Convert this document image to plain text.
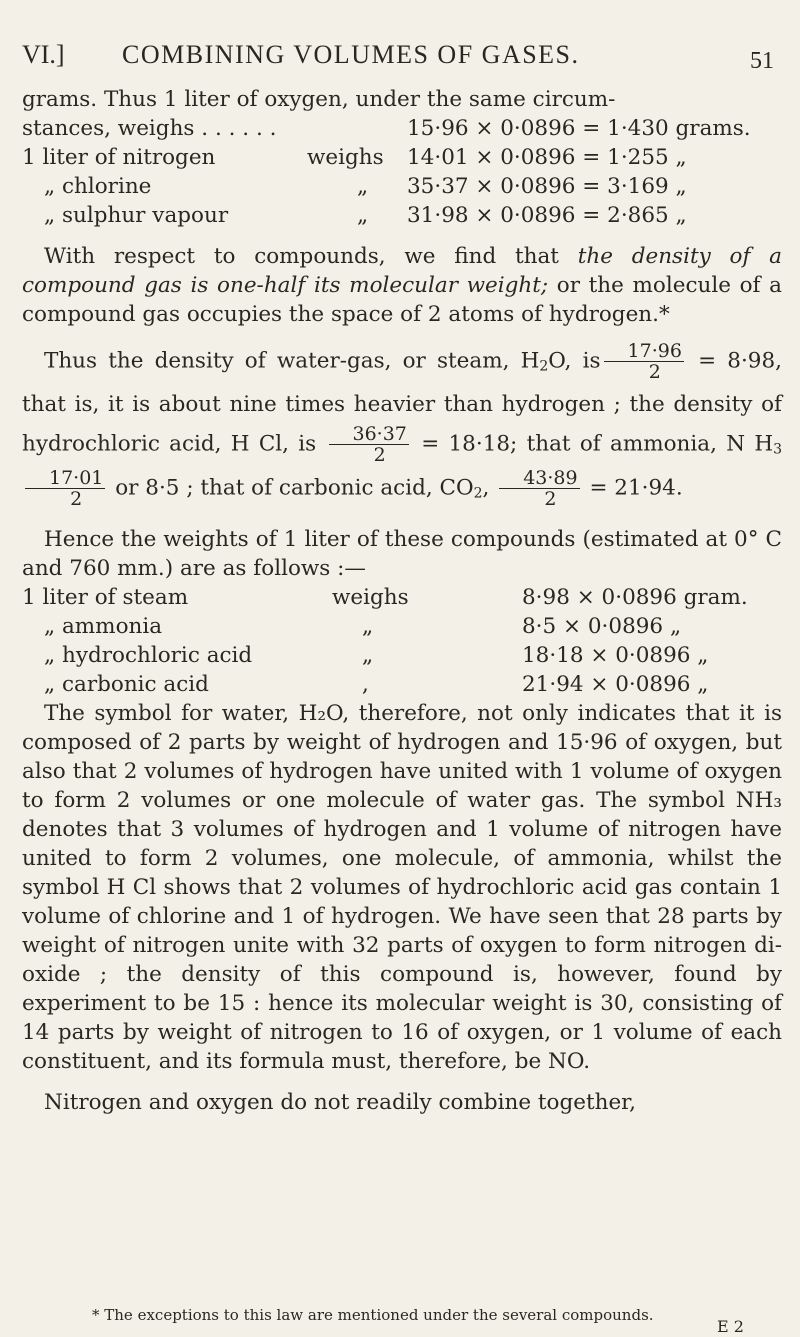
VI.] COMBINING VOLUMES OF GASES.	51
grams. Thus 1 liter of oxygen, under the same circum-
stances, weighs . . . . . .	15·96 × 0·0896 = 1·430 grams.
1 liter of nitrogen	weighs 14·01 × 0·0896 = 1·255 „
„ chlorine	„ 35·37 × 0·0896 = 3·169 „
„ sulphur vapour	„ 31·98 × 0·0896 = 2·865 „

With respect to compounds, we find that the density of a compound gas is one-half its molecular weight; or the molecule of a compound gas occupies the space of 2 atoms of hydrogen.*

Thus the density of water-gas, or steam, $H_2O$, is $\frac{17\cdot 96}{2} = 8\cdot 98$, that is, it is about nine times heavier than hydrogen ; the density of hydrochloric acid, H Cl, is $\frac{36\cdot 37}{2} = 18\cdot 18$; that of ammonia, N $H_3$
$\frac{17\cdot 01}{2}$ or 8·5 ; that of carbonic acid, $CO_2$, $\frac{43\cdot 89}{2} = 21\cdot 94$.

Hence the weights of 1 liter of these compounds (estimated at 0° C and 760 mm.) are as follows :—

1 liter of steam	weighs	8·98 × 0·0896 gram.
„ ammonia	„	8·5 × 0·0896 „
„ hydrochloric acid	„	18·18 × 0·0896 „
„ carbonic acid	,	21·94 × 0·0896 „

The symbol for water, H₂O, therefore, not only indicates that it is composed of 2 parts by weight of hydrogen and 15·96 of oxygen, but also that 2 volumes of hydrogen have united with 1 volume of oxygen to form 2 volumes or one molecule of water gas. The symbol NH₃ denotes that 3 volumes of hydrogen and 1 volume of nitrogen have united to form 2 volumes, one molecule, of ammonia, whilst the symbol H Cl shows that 2 volumes of hydrochloric acid gas contain 1 volume of chlorine and 1 of hydrogen. We have seen that 28 parts by weight of nitrogen unite with 32 parts of oxygen to form nitrogen di-oxide ; the density of this compound is, however, found by experiment to be 15 : hence its molecular weight is 30, consisting of 14 parts by weight of nitrogen to 16 of oxygen, or 1 volume of each constituent, and its formula must, therefore, be NO.

Nitrogen and oxygen do not readily combine together,

* The exceptions to this law are mentioned under the several compounds.
E 2
